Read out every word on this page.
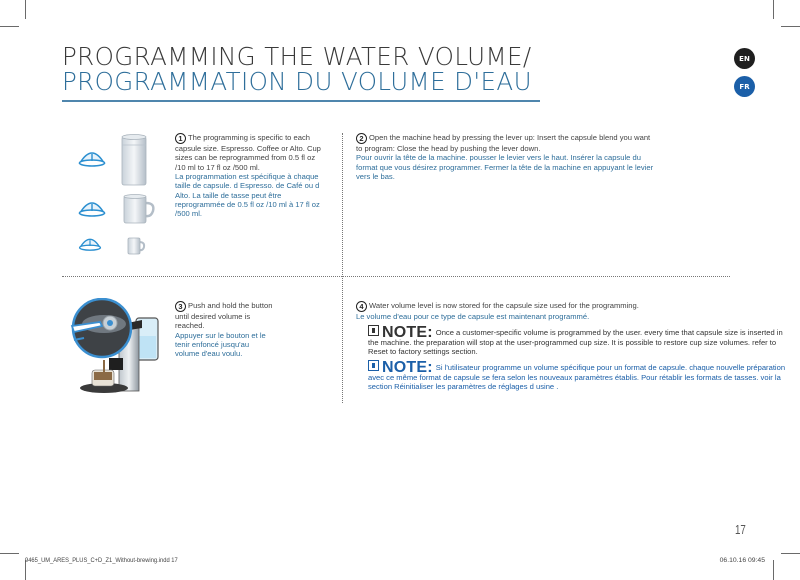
PROGRAMMING THE WATER VOLUME/
PROGRAMMATION DU VOLUME D'EAU
EN
FR
1 The programming is specific to each capsule size. Espresso. Coffee or Alto. Cup sizes can be reprogrammed from 0.5 fl oz /10 ml to 17 fl oz /500 ml.
La programmation est spécifique à chaque taille de capsule. d Espresso. de Café ou d Alto. La taille de tasse peut être reprogrammée de 0.5 fl oz /10 ml à 17 fl oz /500 ml.
2 Open the machine head by pressing the lever up: Insert the capsule blend you want to program: Close the head by pushing the lever down.
Pour ouvrir la tête de la machine. pousser le levier vers le haut. Insérer la capsule du format que vous désirez programmer. Fermer la tête de la machine en appuyant le levier vers le bas.
3 Push and hold the button until desired volume is reached.
Appuyer sur le bouton et le tenir enfoncé jusqu'au volume d'eau voulu.
4 Water volume level is now stored for the capsule size used for the programming.
Le volume d'eau pour ce type de capsule est maintenant programmé.
NOTE: Once a customer-specific volume is programmed by the user. every time that capsule size is inserted in the machine. the preparation will stop at the user-programmed cup size. It is possible to restore cup size volumes. refer to Reset to factory settings section.
NOTE: Si l'utilisateur programme un volume spécifique pour un format de capsule. chaque nouvelle préparation avec ce même format de capsule se fera selon les nouveaux paramètres établis. Pour rétablir les formats de tasses. voir la section Réinitialiser les paramètres de réglages d usine .
17
9465_UM_ARES_PLUS_C+D_Z1_Without-brewing.indd 17	06.10.16 09:45
